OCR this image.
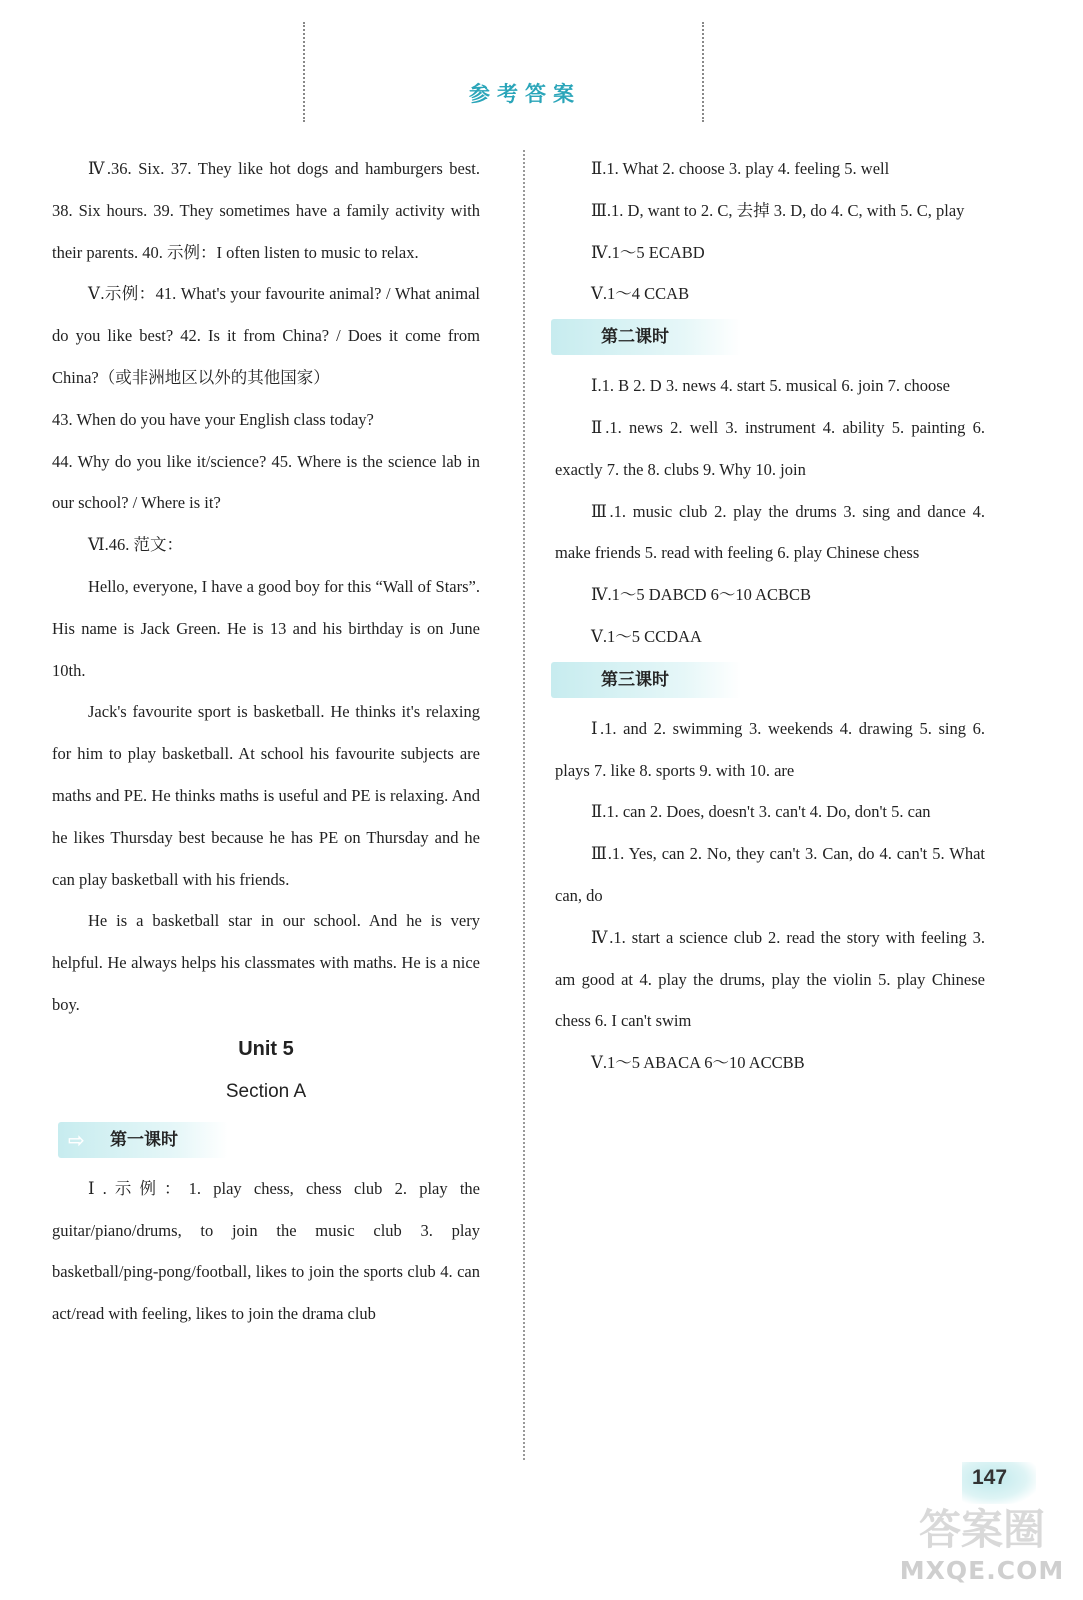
参考答案

Ⅳ.36. Six. 37. They like hot dogs and hamburgers best. 38. Six hours. 39. They sometimes have a family activity with their parents. 40. 示例：I often listen to music to relax.

Ⅴ.示例：41. What's your favourite animal? / What animal do you like best? 42. Is it from China? / Does it come from China?（或非洲地区以外的其他国家）

43. When do you have your English class today?

44. Why do you like it/science? 45. Where is the science lab in our school? / Where is it?

Ⅵ.46. 范文：

Hello, everyone, I have a good boy for this “Wall of Stars”. His name is Jack Green. He is 13 and his birthday is on June 10th.

Jack's favourite sport is basketball. He thinks it's relaxing for him to play basketball. At school his favourite subjects are maths and PE. He thinks maths is useful and PE is relaxing. And he likes Thursday best because he has PE on Thursday and he can play basketball with his friends.

He is a basketball star in our school. And he is very helpful. He always helps his classmates with maths. He is a nice boy.

Unit 5
Section A
⇨ 第一课时

Ⅰ.示例：1. play chess, chess club 2. play the guitar/piano/drums, to join the music club 3. play basketball/ping-pong/football, likes to join the sports club 4. can act/read with feeling, likes to join the drama club

Ⅱ.1. What 2. choose 3. play 4. feeling 5. well

Ⅲ.1. D, want to 2. C, 去掉 3. D, do 4. C, with 5. C, play

Ⅳ.1～5 ECABD

Ⅴ.1～4 CCAB

第二课时

Ⅰ.1. B 2. D 3. news 4. start 5. musical 6. join 7. choose

Ⅱ.1. news 2. well 3. instrument 4. ability 5. painting 6. exactly 7. the 8. clubs 9. Why 10. join

Ⅲ.1. music club 2. play the drums 3. sing and dance 4. make friends 5. read with feeling 6. play Chinese chess

Ⅳ.1～5 DABCD 6～10 ACBCB

Ⅴ.1～5 CCDAA

第三课时

Ⅰ.1. and 2. swimming 3. weekends 4. drawing 5. sing 6. plays 7. like 8. sports 9. with 10. are

Ⅱ.1. can 2. Does, doesn't 3. can't 4. Do, don't 5. can

Ⅲ.1. Yes, can 2. No, they can't 3. Can, do 4. can't 5. What can, do

Ⅳ.1. start a science club 2. read the story with feeling 3. am good at 4. play the drums, play the violin 5. play Chinese chess 6. I can't swim

Ⅴ.1～5 ABACA 6～10 ACCBB

147
答案圈
MXQE.COM
